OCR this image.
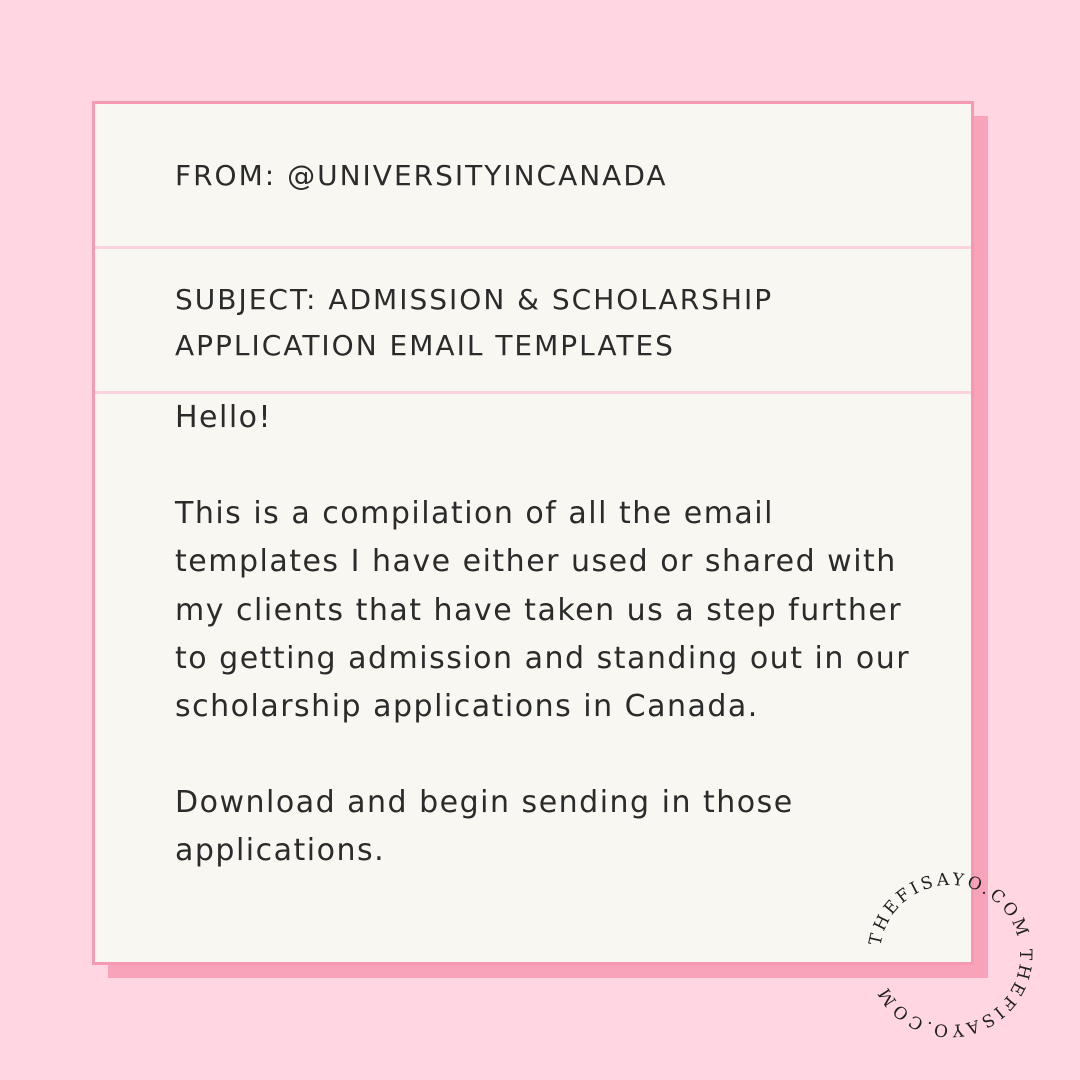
FROM: @UNIVERSITYINCANADA
SUBJECT: ADMISSION & SCHOLARSHIP APPLICATION EMAIL TEMPLATES

Hello!

This is a compilation of all the email templates I have either used or shared with my clients that have taken us a step further to getting admission and standing out in our scholarship applications in Canada.

Download and begin sending in those applications.

THEFISAYO.COM THEFISAYO.COM
